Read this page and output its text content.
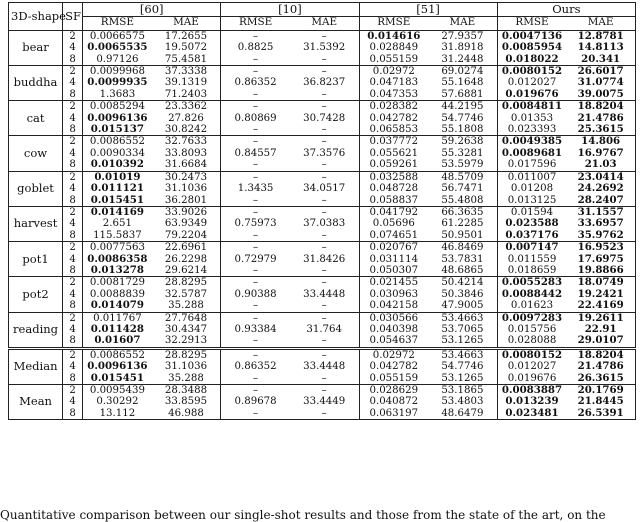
3D-shape	SF	[60]		[10]		[51]		Ours	
		RMSE	MAE	RMSE	MAE	RMSE	MAE	RMSE	MAE
bear	2	0.0066575	17.2655	–	–	0.014616	27.9357	0.0047136	12.8781
	4	0.0065535	19.5072	0.8825	31.5392	0.028849	31.8918	0.0085954	14.8113
	8	0.97126	75.4581	–	–	0.055159	31.2448	0.018022	20.341
buddha	2	0.0099968	37.3338	–	–	0.02972	69.0274	0.0080152	26.6017
	4	0.0099935	39.1319	0.86352	36.8237	0.047183	55.1648	0.012027	31.0774
	8	1.3683	71.2403	–	–	0.047353	57.6881	0.019676	39.0075
cat	2	0.0085294	23.3362	–	–	0.028382	44.2195	0.0084811	18.8204
	4	0.0096136	27.826	0.80869	30.7428	0.042782	54.7746	0.01353	21.4786
	8	0.015137	30.8242	–	–	0.065853	55.1808	0.023393	25.3615
cow	2	0.0086552	32.7633	–	–	0.037772	59.2638	0.0049385	14.806
	4	0.0090334	33.8093	0.84557	37.3576	0.055621	55.3281	0.0089681	16.9767
	8	0.010392	31.6684	–	–	0.059261	53.5979	0.017596	21.03
goblet	2	0.01019	30.2473	–	–	0.032588	48.5709	0.011007	23.0414
	4	0.011121	31.1036	1.3435	34.0517	0.048728	56.7471	0.01208	24.2692
	8	0.015451	36.2801	–	–	0.058837	55.4808	0.013125	28.2407
harvest	2	0.014169	33.9026	–	–	0.041792	66.3635	0.01594	31.1557
	4	2.651	63.9349	0.75973	37.0383	0.05696	61.2285	0.023588	33.6957
	8	115.5837	79.2204	–	–	0.074651	50.9501	0.037176	35.9762
pot1	2	0.0077563	22.6961	–	–	0.020767	46.8469	0.007147	16.9523
	4	0.0086358	26.2298	0.72979	31.8426	0.031114	53.7831	0.011559	17.6975
	8	0.013278	29.6214	–	–	0.050307	48.6865	0.018659	19.8866
pot2	2	0.0081729	28.8295	–	–	0.021455	50.4214	0.0055283	18.0749
	4	0.0088839	32.5787	0.90388	33.4448	0.030963	50.3846	0.0088442	19.2421
	8	0.014079	35.288	–	–	0.042158	47.9005	0.01623	22.4169
reading	2	0.011767	27.7648	–	–	0.030566	53.4663	0.0097283	19.2611
	4	0.011428	30.4347	0.93384	31.764	0.040398	53.7065	0.015756	22.91
	8	0.01607	32.2913	–	–	0.054637	53.1265	0.028088	29.0107
Median	2	0.0086552	28.8295	–	–	0.02972	53.4663	0.0080152	18.8204
	4	0.0096136	31.1036	0.86352	33.4448	0.042782	54.7746	0.012027	21.4786
	8	0.015451	35.288	–	–	0.055159	53.1265	0.019676	26.3615
Mean	2	0.0095439	28.3488	–	–	0.028629	53.1865	0.0083887	20.1769
	4	0.30292	33.8595	0.89678	33.4449	0.040872	53.4803	0.013239	21.8445
	8	13.112	46.988	–	–	0.063197	48.6479	0.023481	26.5391
Quantitative comparison between our single-shot results and those from the state of the art, on the
